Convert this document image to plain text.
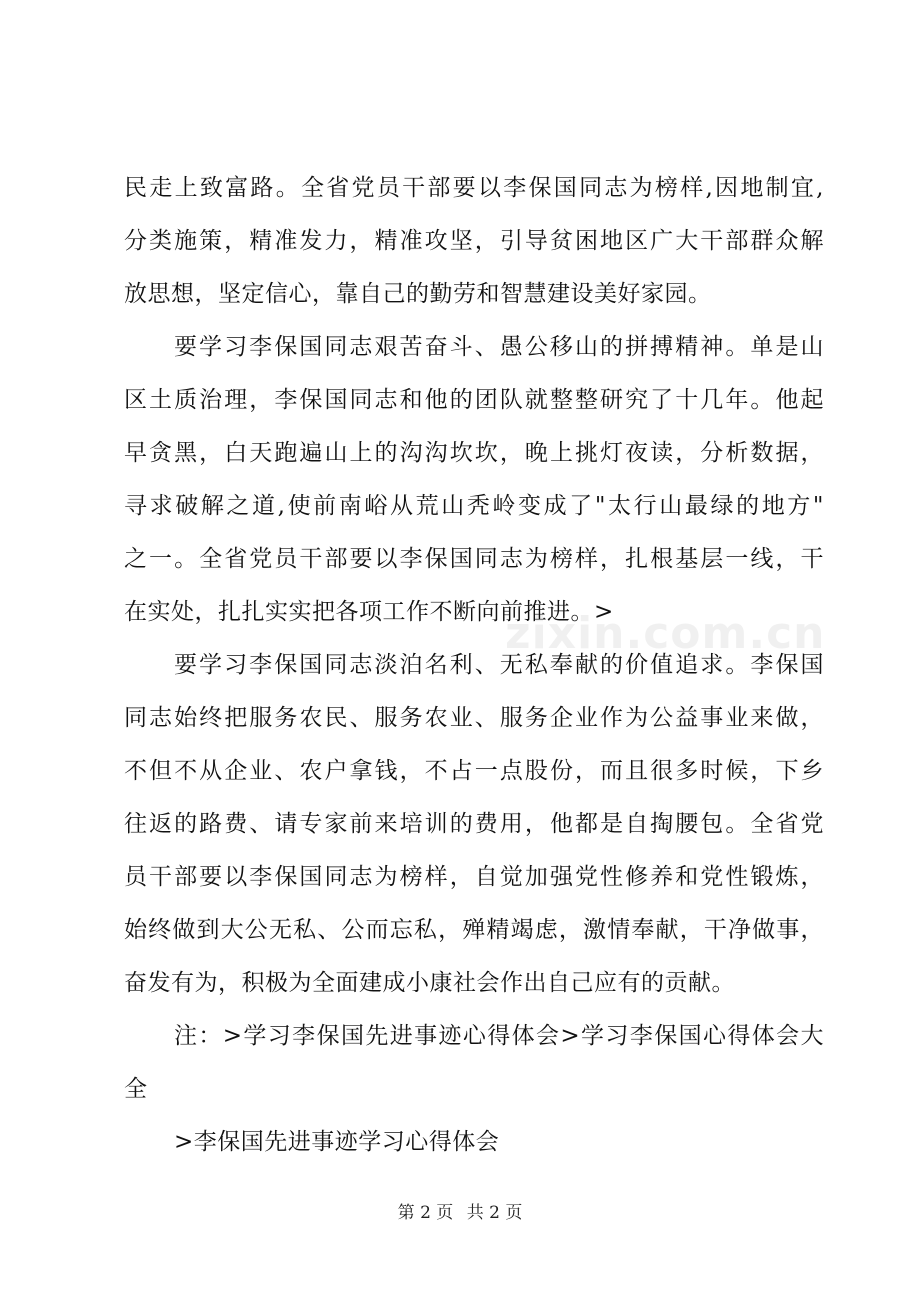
民走上致富路。全省党员干部要以李保国同志为榜样,因地制宜,
分类施策，精准发力，精准攻坚，引导贫困地区广大干部群众解
放思想，坚定信心，靠自己的勤劳和智慧建设美好家园。
要学习李保国同志艰苦奋斗、愚公移山的拼搏精神。单是山
区土质治理，李保国同志和他的团队就整整研究了十几年。他起
早贪黑，白天跑遍山上的沟沟坎坎，晚上挑灯夜读，分析数据，
寻求破解之道,使前南峪从荒山秃岭变成了"太行山最绿的地方"
之一。全省党员干部要以李保国同志为榜样，扎根基层一线，干
在实处，扎扎实实把各项工作不断向前推进。>
要学习李保国同志淡泊名利、无私奉献的价值追求。李保国
同志始终把服务农民、服务农业、服务企业作为公益事业来做，
不但不从企业、农户拿钱，不占一点股份，而且很多时候，下乡
往返的路费、请专家前来培训的费用，他都是自掏腰包。全省党
员干部要以李保国同志为榜样，自觉加强党性修养和党性锻炼，
始终做到大公无私、公而忘私，殚精竭虑，激情奉献，干净做事，
奋发有为，积极为全面建成小康社会作出自己应有的贡献。
注：>学习李保国先进事迹心得体会>学习李保国心得体会大
全
>李保国先进事迹学习心得体会
zixin.com.cn
第 2 页 共 2 页
